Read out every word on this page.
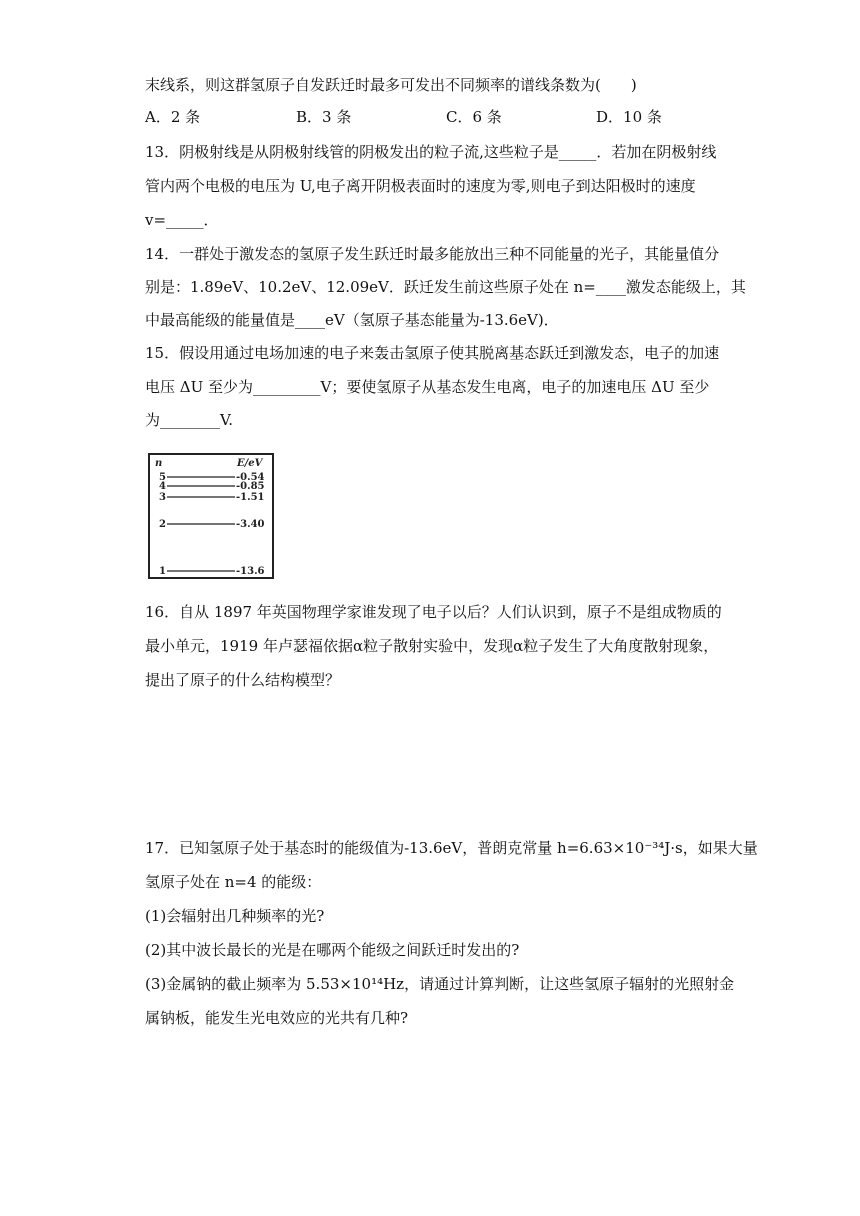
末线系，则这群氢原子自发跃迁时最多可发出不同频率的谱线条数为(　　)
A．2 条	B．3 条	C．6 条	D．10 条
13．阴极射线是从阴极射线管的阴极发出的粒子流,这些粒子是_____．若加在阴极射线
管内两个电极的电压为 U,电子离开阴极表面时的速度为零,则电子到达阳极时的速度
v=_____．
14．一群处于激发态的氢原子发生跃迁时最多能放出三种不同能量的光子，其能量值分
别是：1.89eV、10.2eV、12.09eV．跃迁发生前这些原子处在 n=____激发态能级上，其
中最高能级的能量值是____eV（氢原子基态能量为-13.6eV)．
15．假设用通过电场加速的电子来轰击氢原子使其脱离基态跃迁到激发态，电子的加速
电压 ΔU 至少为_________V；要使氢原子从基态发生电离，电子的加速电压 ΔU 至少
为________V.
n	E/eV
5	-0.54
4	-0.85
3	-1.51
2	-3.40
1	-13.6
16．自从 1897 年英国物理学家谁发现了电子以后？人们认识到，原子不是组成物质的
最小单元，1919 年卢瑟福依据α粒子散射实验中，发现α粒子发生了大角度散射现象，
提出了原子的什么结构模型？
17．已知氢原子处于基态时的能级值为-13.6eV，普朗克常量 h=6.63×10⁻³⁴J·s，如果大量
氢原子处在 n=4 的能级：
(1)会辐射出几种频率的光?
(2)其中波长最长的光是在哪两个能级之间跃迁时发出的?
(3)金属钠的截止频率为 5.53×10¹⁴Hz，请通过计算判断，让这些氢原子辐射的光照射金
属钠板，能发生光电效应的光共有几种?
